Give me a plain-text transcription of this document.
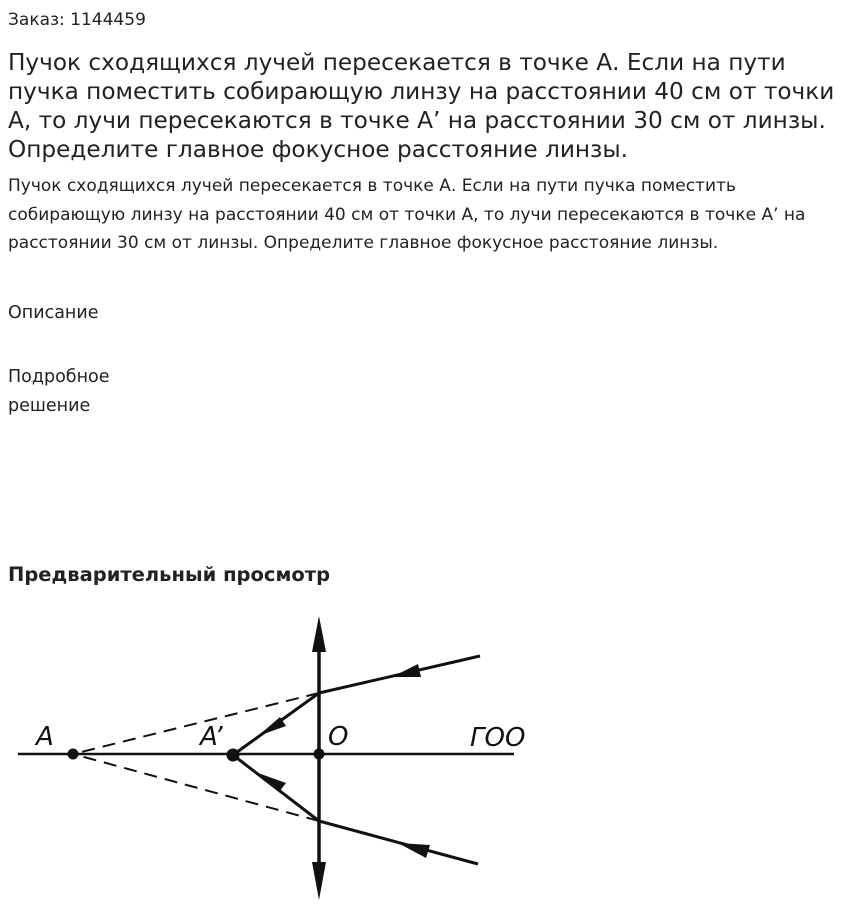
Заказ: 1144459
Пучок сходящихся лучей пересекается в точке А. Если на пути пучка поместить собирающую линзу на расстоянии 40 см от точки А, то лучи пересекаются в точке А’ на расстоянии 30 см от линзы. Определите главное фокусное расстояние линзы.

Пучок сходящихся лучей пересекается в точке А. Если на пути пучка поместить собирающую линзу на расстоянии 40 см от точки А, то лучи пересекаются в точке А’ на расстоянии 30 см от линзы. Определите главное фокусное расстояние линзы.

Описание
Подробное решение
Предварительный просмотр
A	A’	O	ГОО
